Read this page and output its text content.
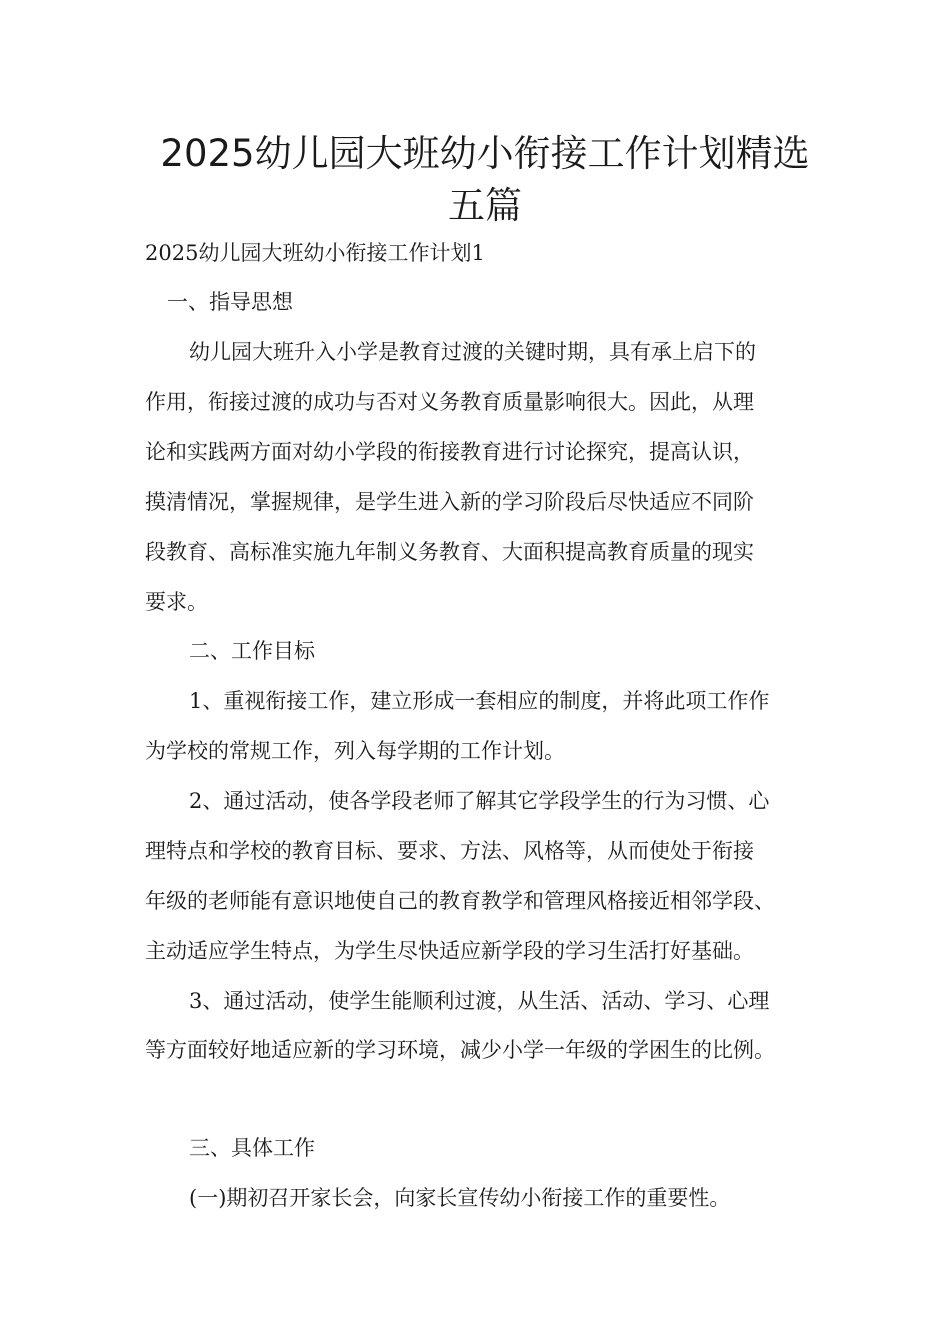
2025幼儿园大班幼小衔接工作计划精选
五篇

2025幼儿园大班幼小衔接工作计划1

一、指导思想

幼儿园大班升入小学是教育过渡的关键时期，具有承上启下的

作用，衔接过渡的成功与否对义务教育质量影响很大。因此，从理

论和实践两方面对幼小学段的衔接教育进行讨论探究，提高认识，

摸清情况，掌握规律，是学生进入新的学习阶段后尽快适应不同阶

段教育、高标准实施九年制义务教育、大面积提高教育质量的现实

要求。

二、工作目标

1、重视衔接工作，建立形成一套相应的制度，并将此项工作作

为学校的常规工作，列入每学期的工作计划。

2、通过活动，使各学段老师了解其它学段学生的行为习惯、心

理特点和学校的教育目标、要求、方法、风格等，从而使处于衔接

年级的老师能有意识地使自己的教育教学和管理风格接近相邻学段、

主动适应学生特点，为学生尽快适应新学段的学习生活打好基础。

3、通过活动，使学生能顺利过渡，从生活、活动、学习、心理

等方面较好地适应新的学习环境，减少小学一年级的学困生的比例。

三、具体工作

(一)期初召开家长会，向家长宣传幼小衔接工作的重要性。
